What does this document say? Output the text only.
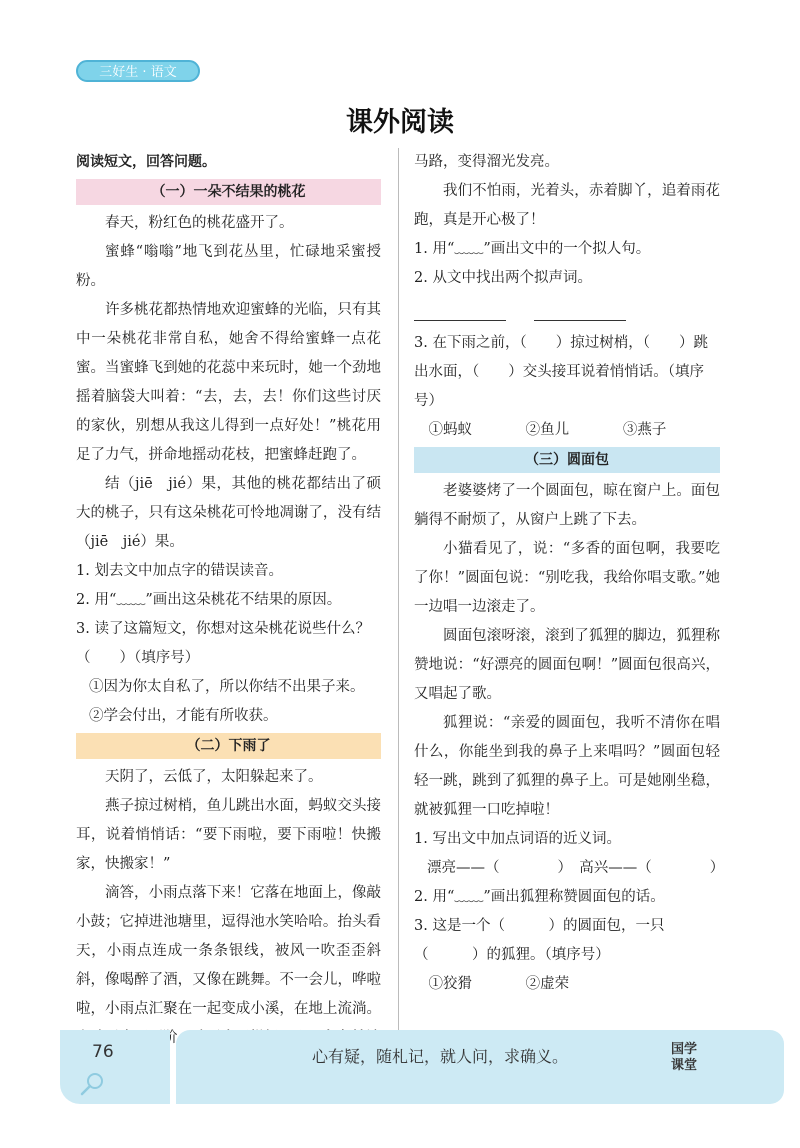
三好生 · 语文
课外阅读

阅读短文，回答问题。

（一）一朵不结果的桃花

春天，粉红色的桃花盛开了。

蜜蜂“嗡嗡”地飞到花丛里，忙碌地采蜜授粉。

许多桃花都热情地欢迎蜜蜂的光临，只有其中一朵桃花非常自私，她舍不得给蜜蜂一点花蜜。当蜜蜂飞到她的花蕊中来玩时，她一个劲地摇着脑袋大叫着：“去，去，去！你们这些讨厌的家伙，别想从我这儿得到一点好处！”桃花用足了力气，拼命地摇动花枝，把蜜蜂赶跑了。

结（jiē　jié）果，其他的桃花都结出了硕大的桃子，只有这朵桃花可怜地凋谢了，没有结（jiē　jié）果。

1. 划去文中加点字的错误读音。

2. 用“﹏﹏”画出这朵桃花不结果的原因。

3. 读了这篇短文，你想对这朵桃花说些什么？（　　）（填序号）

①因为你太自私了，所以你结不出果子来。

②学会付出，才能有所收获。

（二）下雨了

天阴了，云低了，太阳躲起来了。

燕子掠过树梢，鱼儿跳出水面，蚂蚁交头接耳，说着悄悄话：“要下雨啦，要下雨啦！快搬家，快搬家！”

滴答，小雨点落下来！它落在地面上，像敲小鼓；它掉进池塘里，逗得池水笑哈哈。抬头看天，小雨点连成一条条银线，被风一吹歪歪斜斜，像喝醉了酒，又像在跳舞。不一会儿，哗啦啦，小雨点汇聚在一起变成小溪，在地上流淌。 阶

马路，变得溜光发亮。

我们不怕雨，光着头，赤着脚丫，追着雨花跑，真是开心极了！

1. 用“﹏﹏”画出文中的一个拟人句。

2. 从文中找出两个拟声词。

3. 在下雨之前，（　　）掠过树梢，（　　）跳出水面，（　　）交头接耳说着悄悄话。（填序号）

①蚂蚁	②鱼儿	③燕子
（三）圆面包

老婆婆烤了一个圆面包，晾在窗户上。面包躺得不耐烦了，从窗户上跳了下去。

小猫看见了，说：“多香的面包啊，我要吃了你！”圆面包说：“别吃我，我给你唱支歌。”她一边唱一边滚走了。

圆面包滚呀滚，滚到了狐狸的脚边，狐狸称赞地说：“好漂亮的圆面包啊！”圆面包很高兴，又唱起了歌。

狐狸说：“亲爱的圆面包，我听不清你在唱什么，你能坐到我的鼻子上来唱吗？”圆面包轻轻一跳，跳到了狐狸的鼻子上。可是她刚坐稳，就被狐狸一口吃掉啦！

1. 写出文中加点词语的近义词。

漂亮——（　　　　）　高兴——（　　　　）

2. 用“﹏﹏”画出狐狸称赞圆面包的话。

3. 这是一个（　　　）的圆面包，一只（　　　）的狐狸。（填序号）

①狡猾	②虚荣
76	心有疑，随札记，就人问，求确义。	国学
课堂
